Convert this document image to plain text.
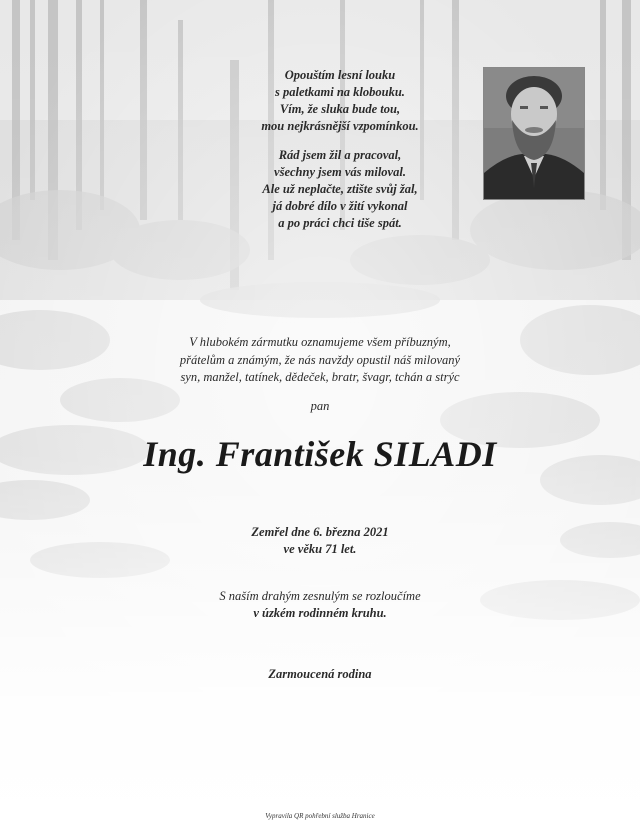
Opouštím lesní louku
s paletkami na klobouku.
Vím, že sluka bude tou,
mou nejkrásnější vzpomínkou.
Rád jsem žil a pracoval,
všechny jsem vás miloval.
Ale už neplačte, ztište svůj žal,
já dobré dílo v žití vykonal
a po práci chci tiše spát.
V hlubokém zármutku oznamujeme všem příbuzným,
přátelům a známým, že nás navždy opustil náš milovaný
syn, manžel, tatínek, dědeček, bratr, švagr, tchán a strýc
pan
Ing. František SILADI
Zemřel dne 6. března 2021
ve věku 71 let.
S naším drahým zesnulým se rozloučíme
v úzkém rodinném kruhu.
Zarmoucená rodina
Vypravila QR pohřební služba Hranice
